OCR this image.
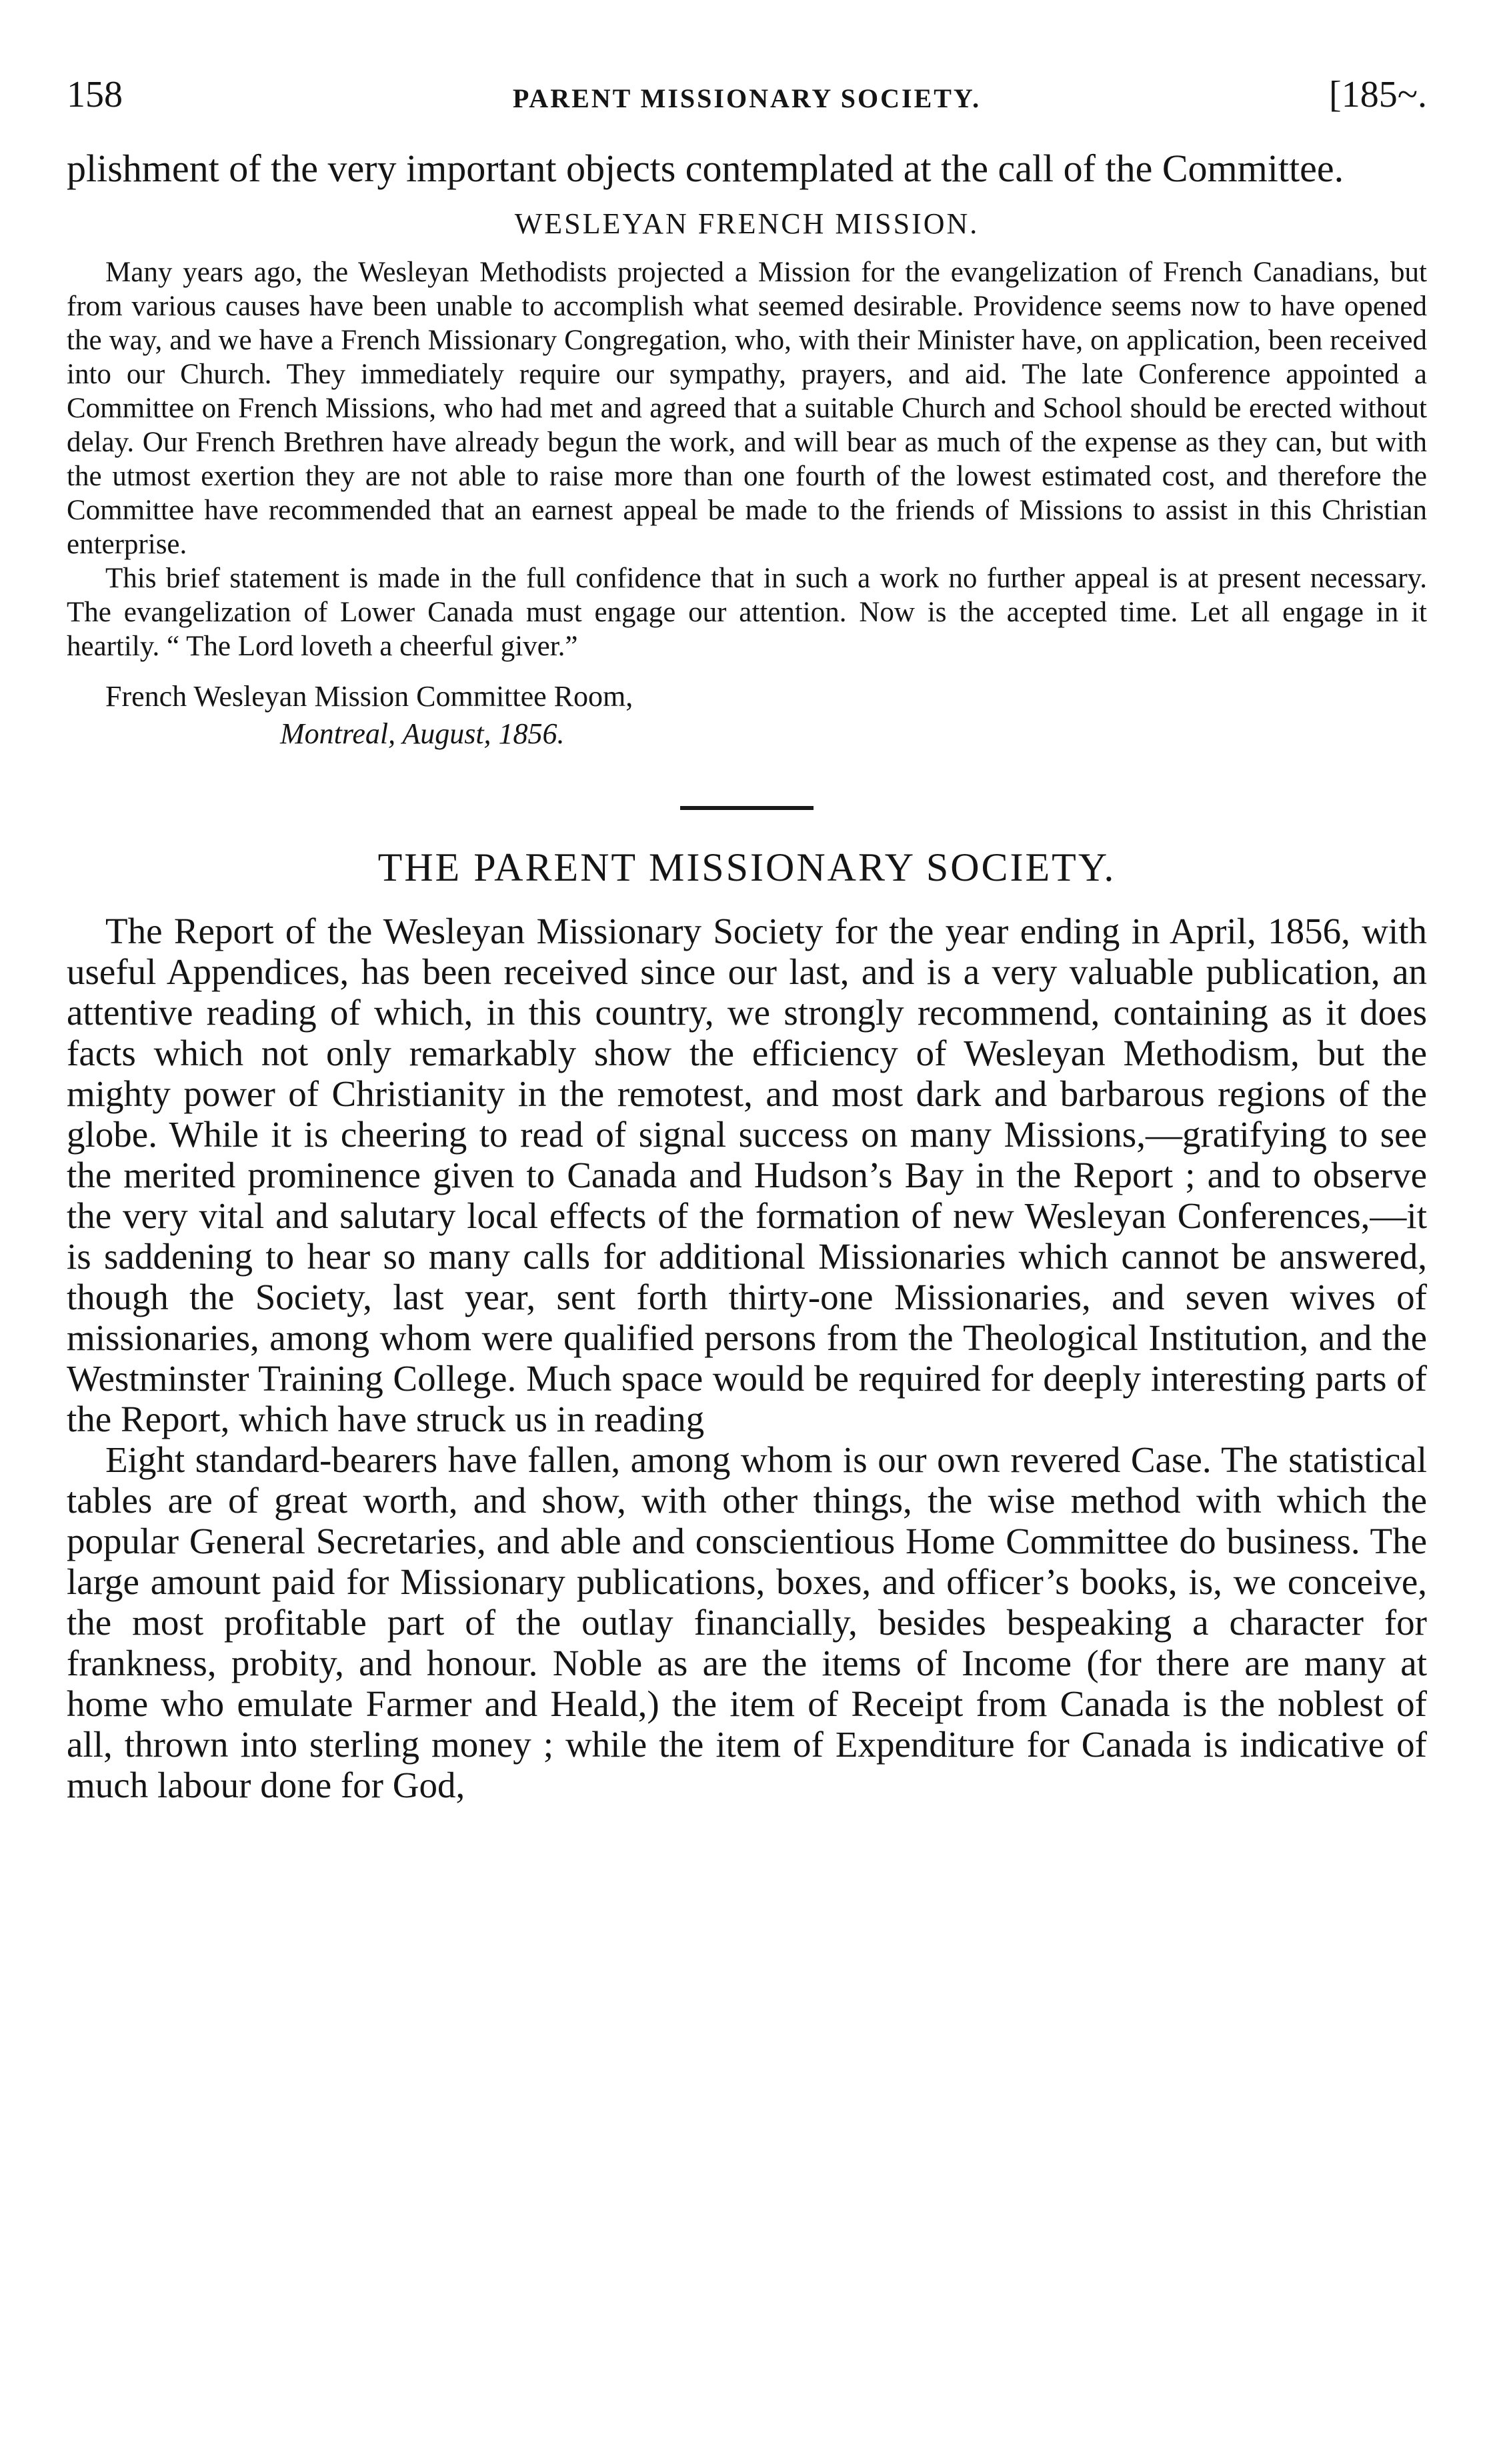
158	PARENT MISSIONARY SOCIETY.	[185~.

plishment of the very important objects contemplated at the call of the Committee.

WESLEYAN FRENCH MISSION.

Many years ago, the Wesleyan Methodists projected a Mission for the evangelization of French Canadians, but from various causes have been unable to accomplish what seemed desirable. Providence seems now to have opened the way, and we have a French Missionary Congregation, who, with their Minister have, on application, been received into our Church. They immediately require our sympathy, prayers, and aid. The late Conference appointed a Committee on French Missions, who had met and agreed that a suitable Church and School should be erected without delay. Our French Brethren have already begun the work, and will bear as much of the expense as they can, but with the utmost exertion they are not able to raise more than one fourth of the lowest estimated cost, and therefore the Committee have recommended that an earnest appeal be made to the friends of Missions to assist in this Christian enterprise.

This brief statement is made in the full confidence that in such a work no further appeal is at present necessary. The evangelization of Lower Canada must engage our attention. Now is the accepted time. Let all engage in it heartily. “ The Lord loveth a cheerful giver.”

French Wesleyan Mission Committee Room,
Montreal, August, 1856.
THE PARENT MISSIONARY SOCIETY.

The Report of the Wesleyan Missionary Society for the year ending in April, 1856, with useful Appendices, has been received since our last, and is a very valuable publication, an attentive reading of which, in this country, we strongly recommend, containing as it does facts which not only remarkably show the efficiency of Wesleyan Methodism, but the mighty power of Christianity in the remotest, and most dark and barbarous regions of the globe. While it is cheering to read of signal success on many Missions,—gratifying to see the merited prominence given to Canada and Hudson’s Bay in the Report ; and to observe the very vital and salutary local effects of the formation of new Wesleyan Conferences,—it is saddening to hear so many calls for additional Missionaries which cannot be answered, though the Society, last year, sent forth thirty-one Missionaries, and seven wives of missionaries, among whom were qualified persons from the Theological Institution, and the Westminster Training College. Much space would be required for deeply interesting parts of the Report, which have struck us in reading

Eight standard-bearers have fallen, among whom is our own revered Case. The statistical tables are of great worth, and show, with other things, the wise method with which the popular General Secretaries, and able and conscientious Home Committee do business. The large amount paid for Missionary publications, boxes, and officer’s books, is, we conceive, the most profitable part of the outlay financially, besides bespeaking a character for frankness, probity, and honour. Noble as are the items of Income (for there are many at home who emulate Farmer and Heald,) the item of Receipt from Canada is the noblest of all, thrown into sterling money ; while the item of Expenditure for Canada is indicative of much labour done for God,
